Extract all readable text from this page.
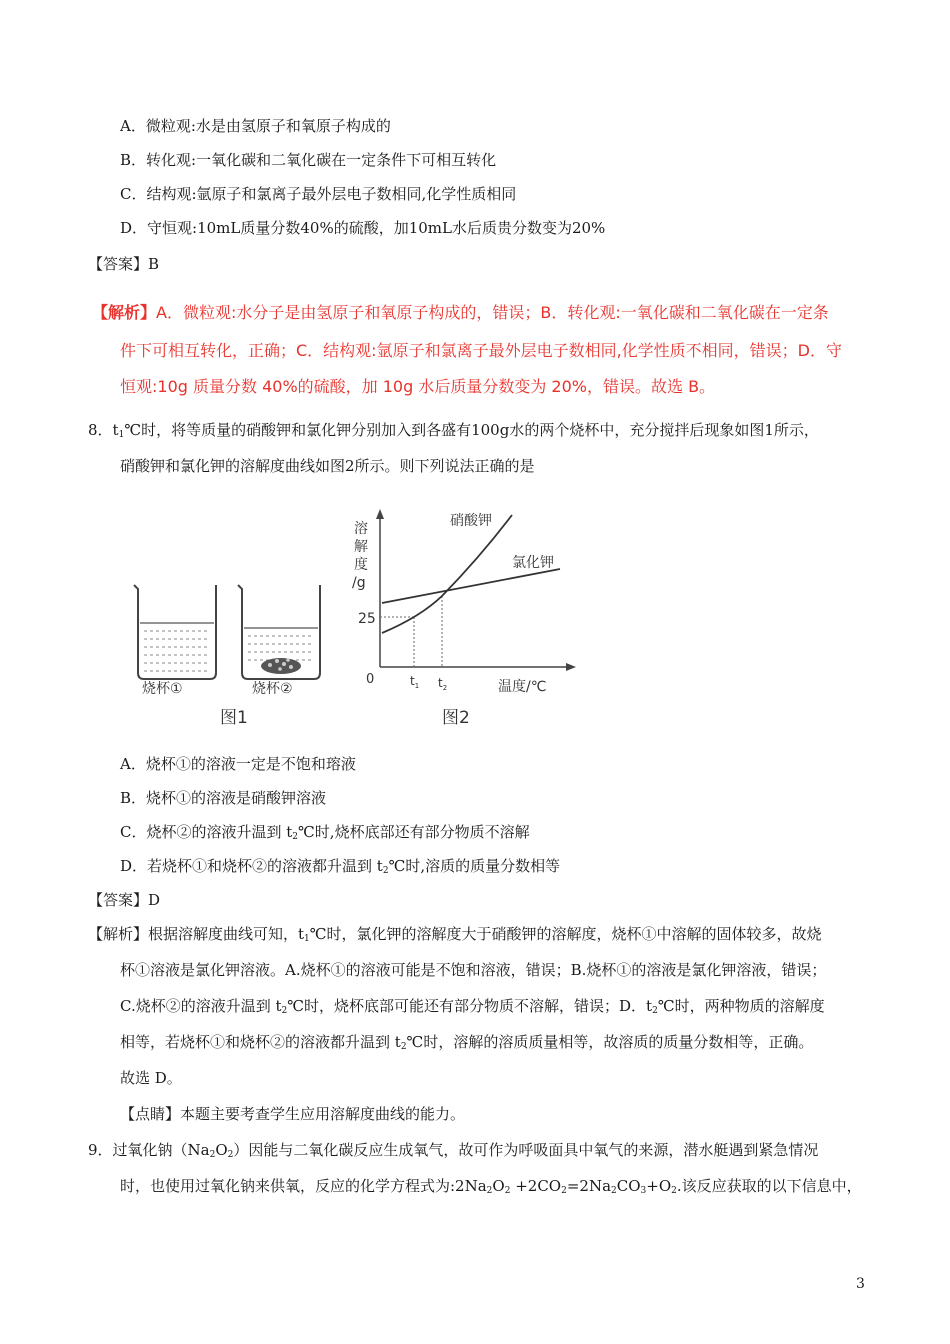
A．微粒观:水是由氢原子和氧原子构成的
B．转化观:一氧化碳和二氧化碳在一定条件下可相互转化
C．结构观:氩原子和氯离子最外层电子数相同,化学性质相同
D．守恒观:10mL质量分数40%的硫酸，加10mL水后质贵分数变为20%
【答案】B
【解析】A．微粒观:水分子是由氢原子和氧原子构成的，错误；B．转化观:一氧化碳和二氧化碳在一定条
件下可相互转化，正确；C．结构观:氩原子和氯离子最外层电子数相同,化学性质不相同，错误；D．守
恒观:10g 质量分数 40%的硫酸，加 10g 水后质量分数变为 20%，错误。故选 B。
8．$t_1℃$时，将等质量的硝酸钾和氯化钾分别加入到各盛有100g水的两个烧杯中，充分搅拌后现象如图1所示，
硝酸钾和氯化钾的溶解度曲线如图2所示。则下列说法正确的是
烧杯①	烧杯②
图1
溶
解
度
/g
25
0	$t_1$ $t_2$	温度/℃
硝酸钾
氯化钾
图2
A．烧杯①的溶液一定是不饱和瑢液
B．烧杯①的溶液是硝酸钾溶液
C．烧杯②的溶液升温到 $t_2℃$时,烧杯底部还有部分物质不溶解
D．若烧杯①和烧杯②的溶液都升温到 $t_2℃$时,溶质的质量分数相等
【答案】D
【解析】根据溶解度曲线可知，$t_1℃$时，氯化钾的溶解度大于硝酸钾的溶解度，烧杯①中溶解的固体较多，故烧
杯①溶液是氯化钾溶液。A.烧杯①的溶液可能是不饱和溶液，错误；B.烧杯①的溶液是氯化钾溶液，错误；
C.烧杯②的溶液升温到 $t_2℃$时，烧杯底部可能还有部分物质不溶解，错误；D．$t_2℃$时，两种物质的溶解度
相等，若烧杯①和烧杯②的溶液都升温到 $t_2℃$时，溶解的溶质质量相等，故溶质的质量分数相等，正确。
故选 D。
【点睛】本题主要考查学生应用溶解度曲线的能力。
9．过氧化钠$(Na_2O_2)$因能与二氧化碳反应生成氧气，故可作为呼吸面具中氧气的来源，潜水艇遇到紧急情况
时，也使用过氧化钠来供氧，反应的化学方程式为$:2Na_2O_2 +2CO_2=2Na_2CO_3+O_2$.该反应获取的以下信息中，
3
